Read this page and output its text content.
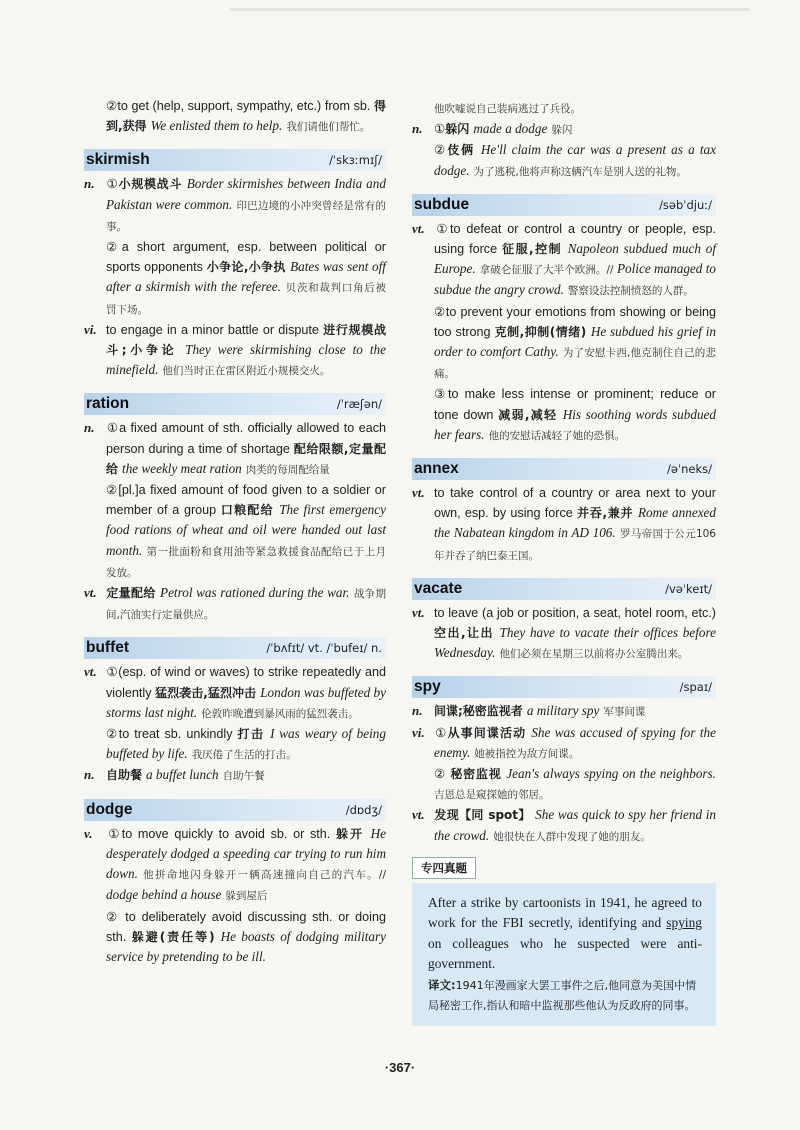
②to get (help, support, sympathy, etc.) from sb. 得到,获得 We enlisted them to help. 我们请他们帮忙。

skirmish	/ˈskɜːmɪʃ/

n. ①小规模战斗 Border skirmishes between India and Pakistan were common. 印巴边境的小冲突曾经是常有的事。

②a short argument, esp. between political or sports opponents 小争论,小争执 Bates was sent off after a skirmish with the referee. 贝茨和裁判口角后被罚下场。

vi. to engage in a minor battle or dispute 进行规模战斗;小争论 They were skirmishing close to the minefield. 他们当时正在雷区附近小规模交火。

ration	/ˈræʃən/

n. ①a fixed amount of sth. officially allowed to each person during a time of shortage 配给限额,定量配给 the weekly meat ration 肉类的每周配给量

②[pl.]a fixed amount of food given to a soldier or member of a group 口粮配给 The first emergency food rations of wheat and oil were handed out last month. 第一批面粉和食用油等紧急救援食品配给已于上月发放。

vt. 定量配给 Petrol was rationed during the war. 战争期间,汽油实行定量供应。

buffet	/ˈbʌfɪt/ vt. /ˈbufeɪ/ n.

vt. ①(esp. of wind or waves) to strike repeatedly and violently 猛烈袭击,猛烈冲击 London was buffeted by storms last night. 伦敦昨晚遭到暴风雨的猛烈袭击。

②to treat sb. unkindly 打击 I was weary of being buffeted by life. 我厌倦了生活的打击。

n. 自助餐 a buffet lunch 自助午餐

dodge	/dɒdʒ/

v. ①to move quickly to avoid sb. or sth. 躲开 He desperately dodged a speeding car trying to run him down. 他拼命地闪身躲开一辆高速撞向自己的汽车。// dodge behind a house 躲到屋后

② to deliberately avoid discussing sth. or doing sth. 躲避(责任等) He boasts of dodging military service by pretending to be ill.

他吹嘘说自己装病逃过了兵役。

n. ①躲闪 made a dodge 躲闪

②伎俩 He'll claim the car was a present as a tax dodge. 为了逃税,他将声称这辆汽车是别人送的礼物。

subdue	/səbˈdjuː/

vt. ①to defeat or control a country or people, esp. using force 征服,控制 Napoleon subdued much of Europe. 拿破仑征服了大半个欧洲。// Police managed to subdue the angry crowd. 警察设法控制愤怒的人群。

②to prevent your emotions from showing or being too strong 克制,抑制(情绪) He subdued his grief in order to comfort Cathy. 为了安慰卡西,他克制住自己的悲痛。

③to make less intense or prominent; reduce or tone down 减弱,减轻 His soothing words subdued her fears. 他的安慰话减轻了她的恐惧。

annex	/əˈneks/

vt. to take control of a country or area next to your own, esp. by using force 并吞,兼并 Rome annexed the Nabatean kingdom in AD 106. 罗马帝国于公元106年并吞了纳巴泰王国。

vacate	/vəˈkeɪt/

vt. to leave (a job or position, a seat, hotel room, etc.) 空出,让出 They have to vacate their offices before Wednesday. 他们必须在星期三以前将办公室腾出来。

spy	/spaɪ/

n. 间谍;秘密监视者 a military spy 军事间谍

vi. ①从事间谍活动 She was accused of spying for the enemy. 她被指控为敌方间谍。

② 秘密监视 Jean's always spying on the neighbors. 吉恩总是窥探她的邻居。

vt. 发现【同 spot】 She was quick to spy her friend in the crowd. 她很快在人群中发现了她的朋友。

专四真题

After a strike by cartoonists in 1941, he agreed to work for the FBI secretly, identifying and spying on colleagues who he suspected were anti-government.

译文:1941年漫画家大罢工事件之后,他同意为美国中情局秘密工作,指认和暗中监视那些他认为反政府的同事。

·367·
